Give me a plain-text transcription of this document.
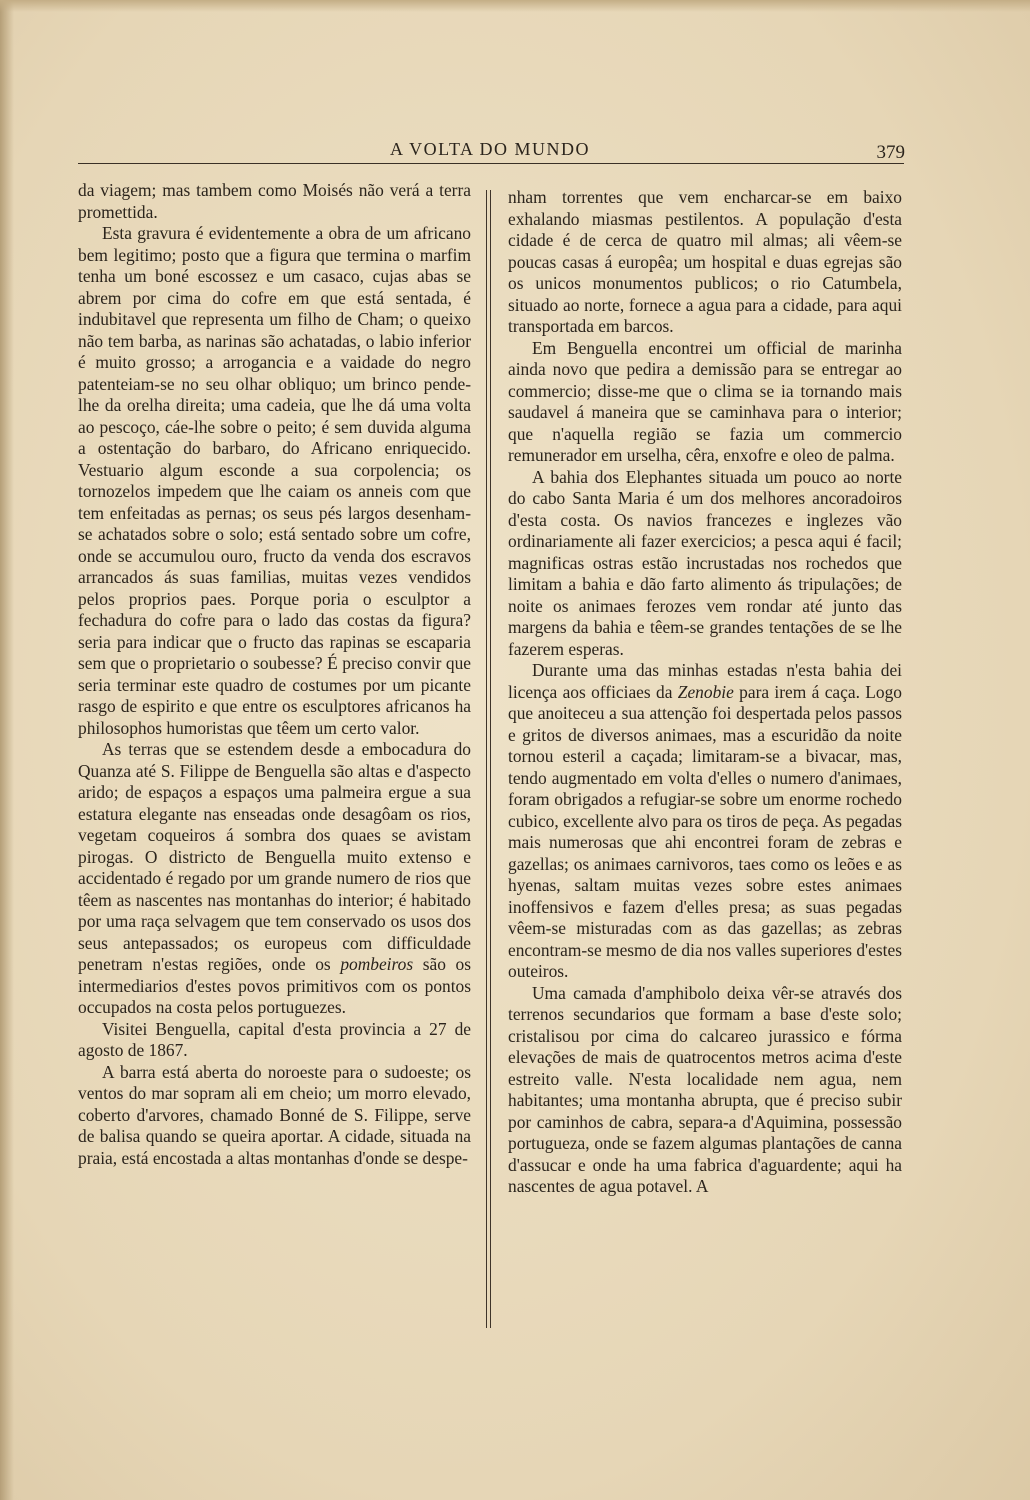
A VOLTA DO MUNDO	379

da viagem; mas tambem como Moisés não verá a terra promettida.

Esta gravura é evidentemente a obra de um africano bem legitimo; posto que a figura que termina o marfim tenha um boné escossez e um casaco, cujas abas se abrem por cima do cofre em que está sentada, é indubitavel que representa um filho de Cham; o queixo não tem barba, as narinas são achatadas, o labio inferior é muito grosso; a arrogancia e a vaidade do negro patenteiam-se no seu olhar obliquo; um brinco pende-lhe da orelha direita; uma cadeia, que lhe dá uma volta ao pescoço, cáe-lhe sobre o peito; é sem duvida alguma a ostentação do barbaro, do Africano enriquecido. Vestuario algum esconde a sua corpolencia; os tornozelos impedem que lhe caiam os anneis com que tem enfeitadas as pernas; os seus pés largos desenham-se achatados sobre o solo; está sentado sobre um cofre, onde se accumulou ouro, fructo da venda dos escravos arrancados ás suas familias, muitas vezes vendidos pelos proprios paes. Porque poria o esculptor a fechadura do cofre para o lado das costas da figura? seria para indicar que o fructo das rapinas se escaparia sem que o proprietario o soubesse? É preciso convir que seria terminar este quadro de costumes por um picante rasgo de espirito e que entre os esculptores africanos ha philosophos humoristas que têem um certo valor.

As terras que se estendem desde a embocadura do Quanza até S. Filippe de Benguella são altas e d'aspecto arido; de espaços a espaços uma palmeira ergue a sua estatura elegante nas enseadas onde desagôam os rios, vegetam coqueiros á sombra dos quaes se avistam pirogas. O districto de Benguella muito extenso e accidentado é regado por um grande numero de rios que têem as nascentes nas montanhas do interior; é habitado por uma raça selvagem que tem conservado os usos dos seus antepassados; os europeus com difficuldade penetram n'estas regiões, onde os pombeiros são os intermediarios d'estes povos primitivos com os pontos occupados na costa pelos portuguezes.

Visitei Benguella, capital d'esta provincia a 27 de agosto de 1867.

A barra está aberta do noroeste para o sudoeste; os ventos do mar sopram ali em cheio; um morro elevado, coberto d'arvores, chamado Bonné de S. Filippe, serve de balisa quando se queira aportar. A cidade, situada na praia, está encostada a altas montanhas d'onde se despe-

nham torrentes que vem encharcar-se em baixo exhalando miasmas pestilentos. A população d'esta cidade é de cerca de quatro mil almas; ali vêem-se poucas casas á europêa; um hospital e duas egrejas são os unicos monumentos publicos; o rio Catumbela, situado ao norte, fornece a agua para a cidade, para aqui transportada em barcos.

Em Benguella encontrei um official de marinha ainda novo que pedira a demissão para se entregar ao commercio; disse-me que o clima se ia tornando mais saudavel á maneira que se caminhava para o interior; que n'aquella região se fazia um commercio remunerador em urselha, cêra, enxofre e oleo de palma.

A bahia dos Elephantes situada um pouco ao norte do cabo Santa Maria é um dos melhores ancoradoiros d'esta costa. Os navios francezes e inglezes vão ordinariamente ali fazer exercicios; a pesca aqui é facil; magnificas ostras estão incrustadas nos rochedos que limitam a bahia e dão farto alimento ás tripulações; de noite os animaes ferozes vem rondar até junto das margens da bahia e têem-se grandes tentações de se lhe fazerem esperas.

Durante uma das minhas estadas n'esta bahia dei licença aos officiaes da Zenobie para irem á caça. Logo que anoiteceu a sua attenção foi despertada pelos passos e gritos de diversos animaes, mas a escuridão da noite tornou esteril a caçada; limitaram-se a bivacar, mas, tendo augmentado em volta d'elles o numero d'animaes, foram obrigados a refugiar-se sobre um enorme rochedo cubico, excellente alvo para os tiros de peça. As pegadas mais numerosas que ahi encontrei foram de zebras e gazellas; os animaes carnivoros, taes como os leões e as hyenas, saltam muitas vezes sobre estes animaes inoffensivos e fazem d'elles presa; as suas pegadas vêem-se misturadas com as das gazellas; as zebras encontram-se mesmo de dia nos valles superiores d'estes outeiros.

Uma camada d'amphibolo deixa vêr-se através dos terrenos secundarios que formam a base d'este solo; cristalisou por cima do calcareo jurassico e fórma elevações de mais de quatrocentos metros acima d'este estreito valle. N'esta localidade nem agua, nem habitantes; uma montanha abrupta, que é preciso subir por caminhos de cabra, separa-a d'Aquimina, possessão portugueza, onde se fazem algumas plantações de canna d'assucar e onde ha uma fabrica d'aguardente; aqui ha nascentes de agua potavel. A
